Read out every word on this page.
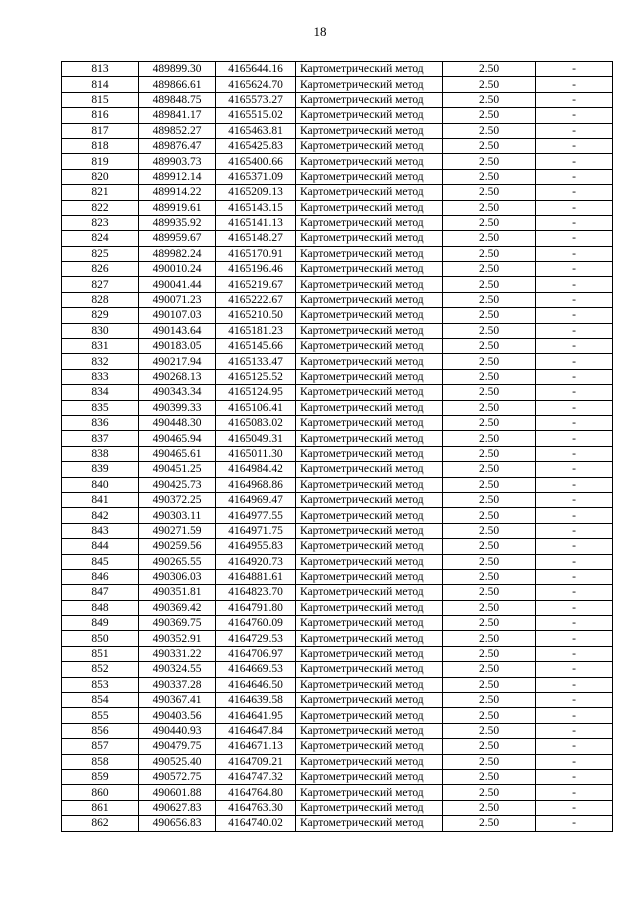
18
813	489899.30	4165644.16	Картометрический метод	2.50	-
814	489866.61	4165624.70	Картометрический метод	2.50	-
815	489848.75	4165573.27	Картометрический метод	2.50	-
816	489841.17	4165515.02	Картометрический метод	2.50	-
817	489852.27	4165463.81	Картометрический метод	2.50	-
818	489876.47	4165425.83	Картометрический метод	2.50	-
819	489903.73	4165400.66	Картометрический метод	2.50	-
820	489912.14	4165371.09	Картометрический метод	2.50	-
821	489914.22	4165209.13	Картометрический метод	2.50	-
822	489919.61	4165143.15	Картометрический метод	2.50	-
823	489935.92	4165141.13	Картометрический метод	2.50	-
824	489959.67	4165148.27	Картометрический метод	2.50	-
825	489982.24	4165170.91	Картометрический метод	2.50	-
826	490010.24	4165196.46	Картометрический метод	2.50	-
827	490041.44	4165219.67	Картометрический метод	2.50	-
828	490071.23	4165222.67	Картометрический метод	2.50	-
829	490107.03	4165210.50	Картометрический метод	2.50	-
830	490143.64	4165181.23	Картометрический метод	2.50	-
831	490183.05	4165145.66	Картометрический метод	2.50	-
832	490217.94	4165133.47	Картометрический метод	2.50	-
833	490268.13	4165125.52	Картометрический метод	2.50	-
834	490343.34	4165124.95	Картометрический метод	2.50	-
835	490399.33	4165106.41	Картометрический метод	2.50	-
836	490448.30	4165083.02	Картометрический метод	2.50	-
837	490465.94	4165049.31	Картометрический метод	2.50	-
838	490465.61	4165011.30	Картометрический метод	2.50	-
839	490451.25	4164984.42	Картометрический метод	2.50	-
840	490425.73	4164968.86	Картометрический метод	2.50	-
841	490372.25	4164969.47	Картометрический метод	2.50	-
842	490303.11	4164977.55	Картометрический метод	2.50	-
843	490271.59	4164971.75	Картометрический метод	2.50	-
844	490259.56	4164955.83	Картометрический метод	2.50	-
845	490265.55	4164920.73	Картометрический метод	2.50	-
846	490306.03	4164881.61	Картометрический метод	2.50	-
847	490351.81	4164823.70	Картометрический метод	2.50	-
848	490369.42	4164791.80	Картометрический метод	2.50	-
849	490369.75	4164760.09	Картометрический метод	2.50	-
850	490352.91	4164729.53	Картометрический метод	2.50	-
851	490331.22	4164706.97	Картометрический метод	2.50	-
852	490324.55	4164669.53	Картометрический метод	2.50	-
853	490337.28	4164646.50	Картометрический метод	2.50	-
854	490367.41	4164639.58	Картометрический метод	2.50	-
855	490403.56	4164641.95	Картометрический метод	2.50	-
856	490440.93	4164647.84	Картометрический метод	2.50	-
857	490479.75	4164671.13	Картометрический метод	2.50	-
858	490525.40	4164709.21	Картометрический метод	2.50	-
859	490572.75	4164747.32	Картометрический метод	2.50	-
860	490601.88	4164764.80	Картометрический метод	2.50	-
861	490627.83	4164763.30	Картометрический метод	2.50	-
862	490656.83	4164740.02	Картометрический метод	2.50	-
